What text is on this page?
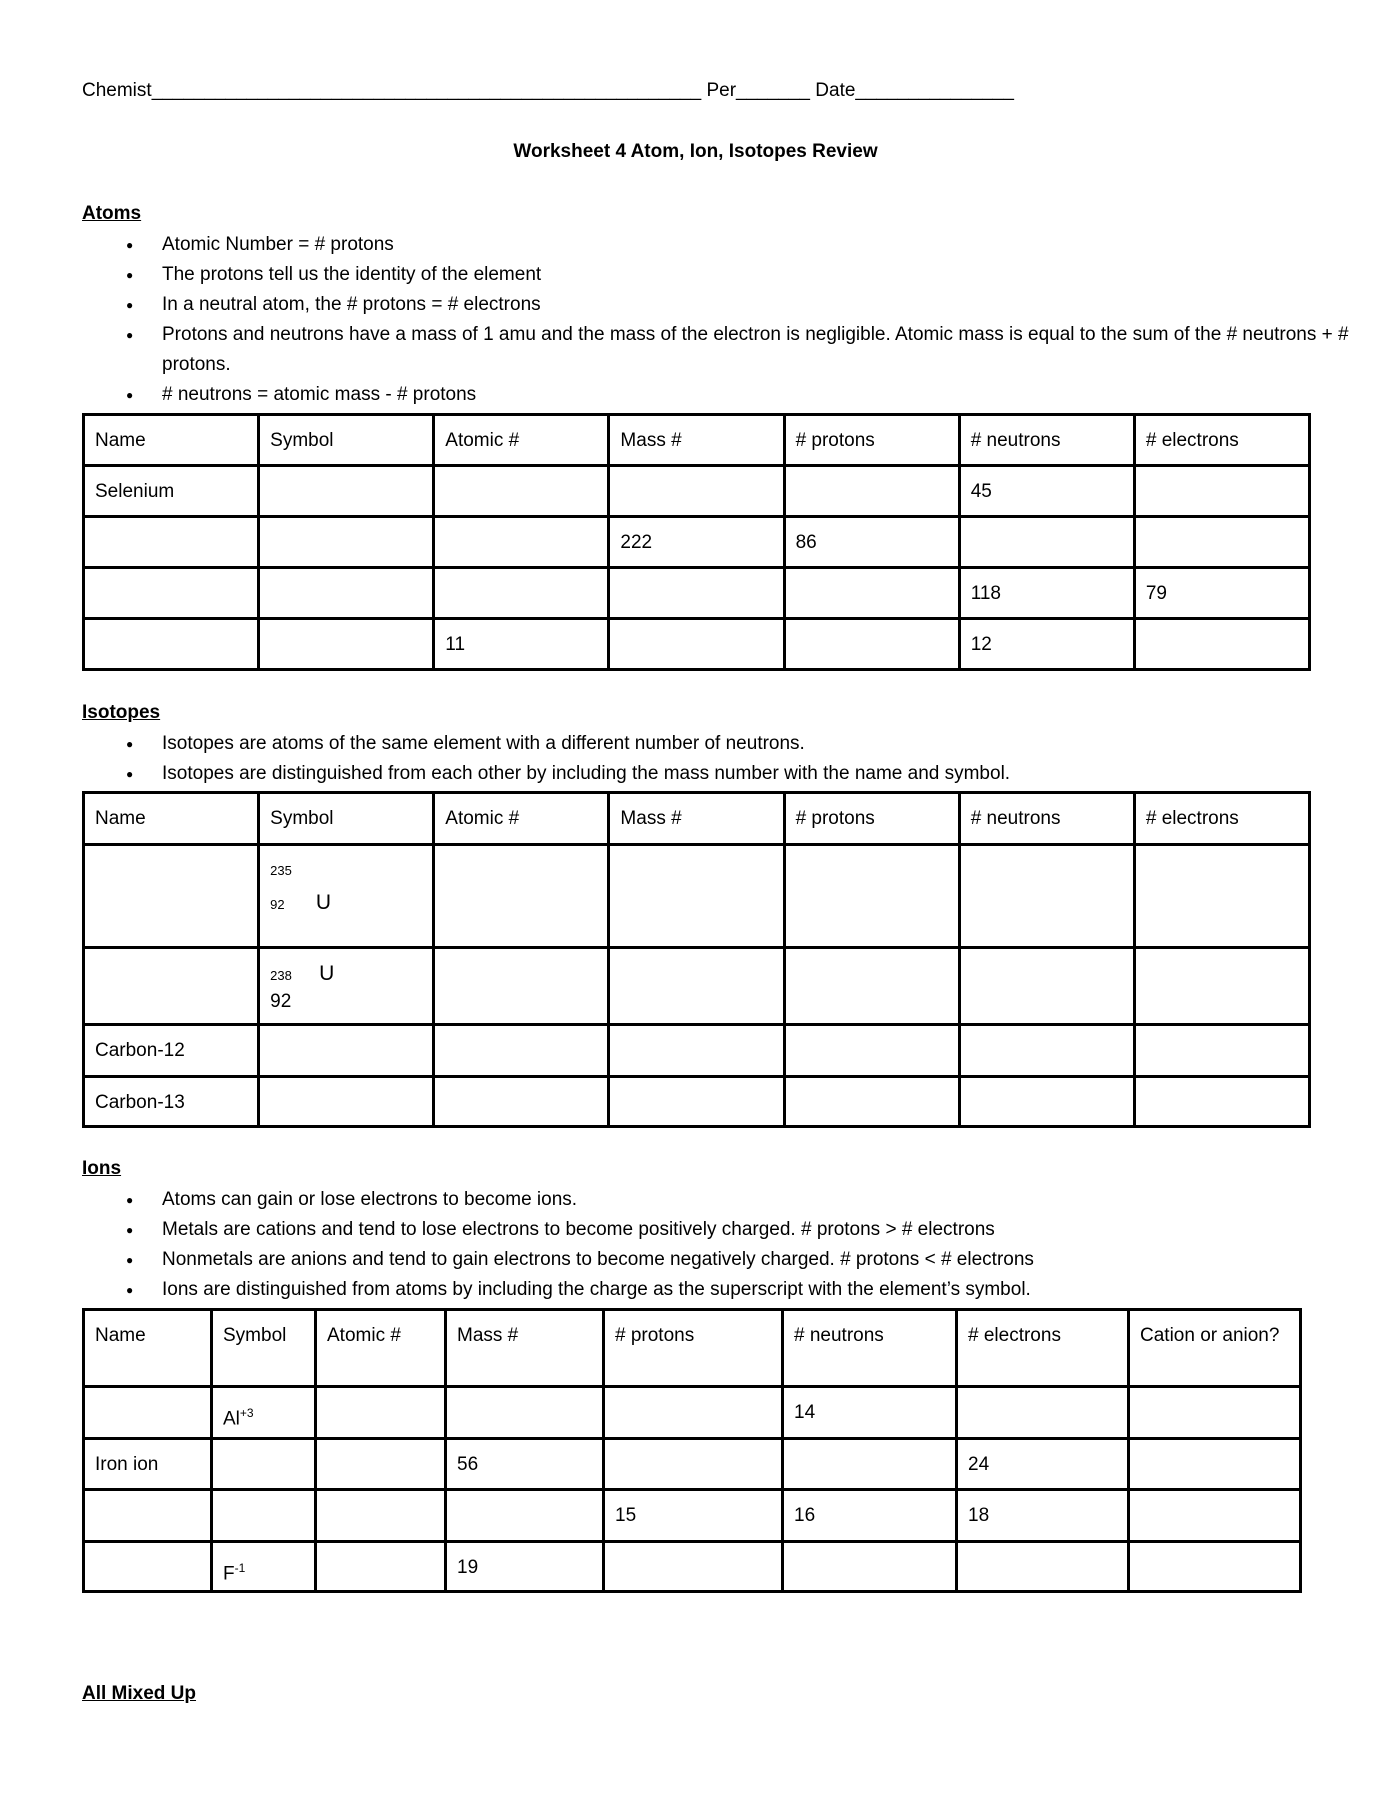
Chemist____________________________________________________ Per_______ Date_______________
Worksheet 4 Atom, Ion, Isotopes Review
Atoms
● Atomic Number = # protons
● The protons tell us the identity of the element
● In a neutral atom, the # protons = # electrons
● Protons and neutrons have a mass of 1 amu and the mass of the electron is negligible. Atomic mass is equal to the sum of the # neutrons + # protons.
● # neutrons = atomic mass - # protons
Name	Symbol	Atomic #	Mass #	# protons	# neutrons	# electrons
Selenium					45	
			222	86		
					118	79
		11			12	
Isotopes
● Isotopes are atoms of the same element with a different number of neutrons.
● Isotopes are distinguished from each other by including the mass number with the name and symbol.
Name	Symbol	Atomic #	Mass #	# protons	# neutrons	# electrons

	235
92 U					

	238 U
92					

Carbon-12						
Carbon-13						
Ions
● Atoms can gain or lose electrons to become ions.
● Metals are cations and tend to lose electrons to become positively charged. # protons > # electrons
● Nonmetals are anions and tend to gain electrons to become negatively charged. # protons < # electrons
● Ions are distinguished from atoms by including the charge as the superscript with the element’s symbol.
Name	Symbol	Atomic #	Mass #	# protons	# neutrons	# electrons	Cation or anion?
	$Al^{+3}$				14		
Iron ion			56			24	
				15	16	18	
	$F^{-1}$		19				
All Mixed Up
